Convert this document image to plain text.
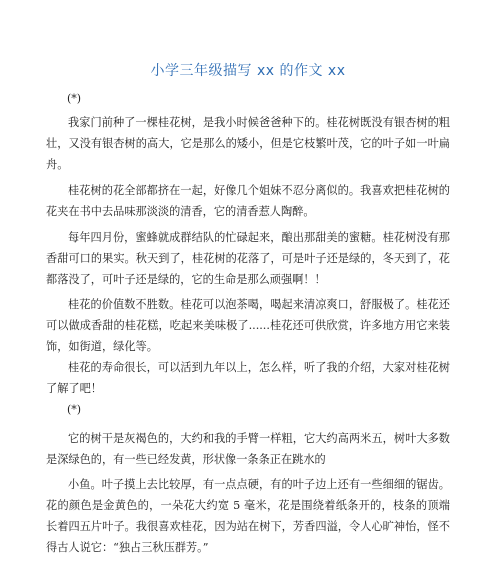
小学三年级描写 xx 的作文 xx
(*)

我家门前种了一棵桂花树，是我小时候爸爸种下的。桂花树既没有银杏树的粗壮，又没有银杏树的高大，它是那么的矮小，但是它枝繁叶茂，它的叶子如一叶扁舟。

桂花树的花全部都挤在一起，好像几个姐妹不忍分离似的。我喜欢把桂花树的花夹在书中去品味那淡淡的清香，它的清香惹人陶醉。

每年四月份，蜜蜂就成群结队的忙碌起来，酿出那甜美的蜜糖。桂花树没有那香甜可口的果实。秋天到了，桂花树的花落了，可是叶子还是绿的，冬天到了，花都落没了，可叶子还是绿的，它的生命是那么顽强啊！！

桂花的价值数不胜数。桂花可以泡茶喝，喝起来清凉爽口，舒服极了。桂花还可以做成香甜的桂花糕，吃起来美味极了......桂花还可供欣赏，许多地方用它来装饰，如街道，绿化等。

桂花的寿命很长，可以活到九年以上，怎么样，听了我的介绍，大家对桂花树了解了吧！

(*)

它的树干是灰褐色的，大约和我的手臂一样粗，它大约高两米五，树叶大多数是深绿色的，有一些已经发黄，形状像一条条正在跳水的

小鱼。叶子摸上去比较厚，有一点点硬，有的叶子边上还有一些细细的锯齿。花的颜色是金黄色的，一朵花大约宽 5 毫米，花是围绕着纸条开的，枝条的顶端长着四五片叶子。我很喜欢桂花，因为站在树下，芳香四溢，令人心旷神怡，怪不得古人说它：“独占三秋压群芳。”
